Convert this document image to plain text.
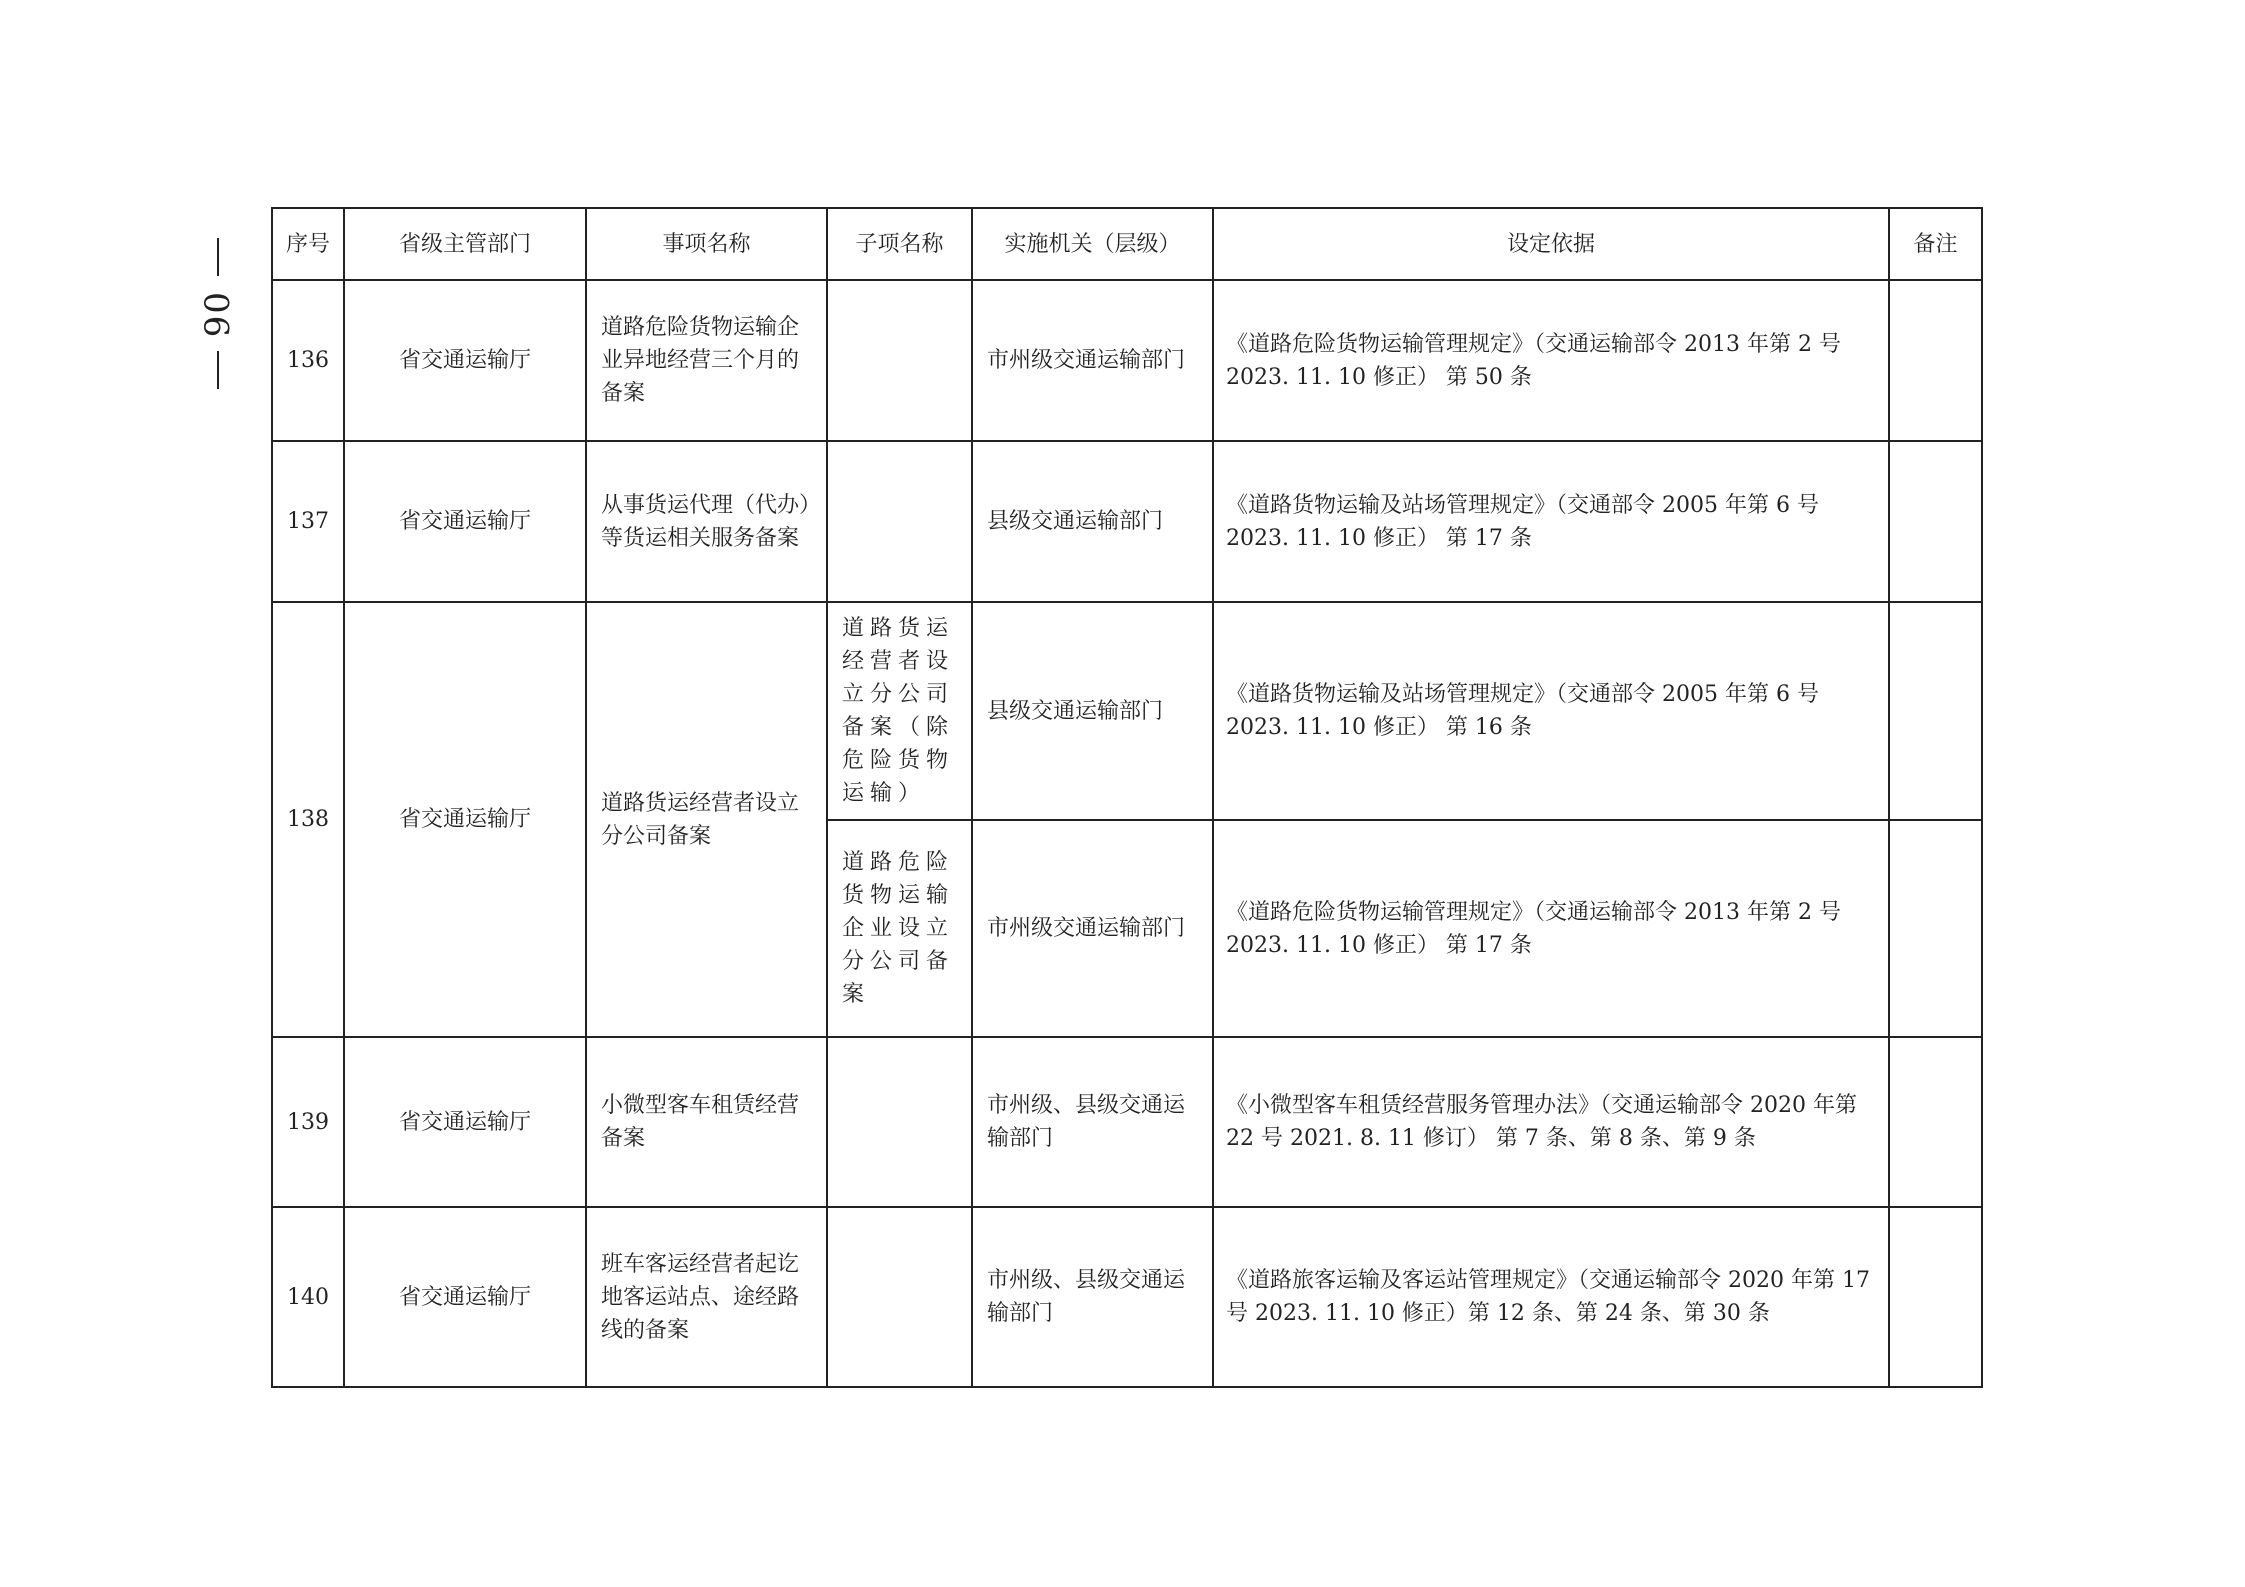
90
序号	省级主管部门	事项名称	子项名称	实施机关（层级）	设定依据	备注
136	省交通运输厅	道路危险货物运输企业异地经营三个月的备案		市州级交通运输部门	《道路危险货物运输管理规定》（交通运输部令 2013 年第 2 号 2023. 11. 10 修正） 第 50 条	
137	省交通运输厅	从事货运代理（代办）等货运相关服务备案		县级交通运输部门	《道路货物运输及站场管理规定》（交通部令 2005 年第 6 号 2023. 11. 10 修正） 第 17 条	
138	省交通运输厅	道路货运经营者设立分公司备案	道路货运经营者设立分公司备案（除危险货物运输）	县级交通运输部门	《道路货物运输及站场管理规定》（交通部令 2005 年第 6 号 2023. 11. 10 修正） 第 16 条	
			道路危险货物运输企业设立分公司备案	市州级交通运输部门	《道路危险货物运输管理规定》（交通运输部令 2013 年第 2 号 2023. 11. 10 修正） 第 17 条	
139	省交通运输厅	小微型客车租赁经营备案		市州级、县级交通运输部门	《小微型客车租赁经营服务管理办法》（交通运输部令 2020 年第 22 号 2021. 8. 11 修订） 第 7 条、第 8 条、第 9 条	
140	省交通运输厅	班车客运经营者起讫地客运站点、途经路线的备案		市州级、县级交通运输部门	《道路旅客运输及客运站管理规定》（交通运输部令 2020 年第 17 号 2023. 11. 10 修正）第 12 条、第 24 条、第 30 条	
